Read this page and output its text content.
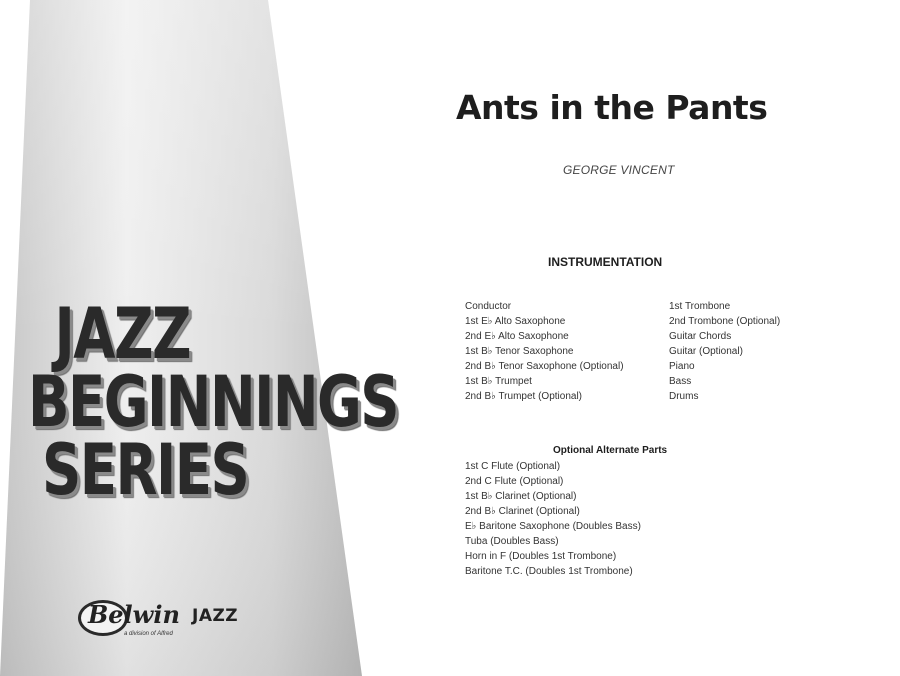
JAZZ
BEGINNINGS
SERIES
Belwin JAZZ
a division of Alfred
Ants in the Pants
GEORGE VINCENT
INSTRUMENTATION
Conductor
1st E♭ Alto Saxophone
2nd E♭ Alto Saxophone
1st B♭ Tenor Saxophone
2nd B♭ Tenor Saxophone (Optional)
1st B♭ Trumpet
2nd B♭ Trumpet (Optional)
1st Trombone
2nd Trombone (Optional)
Guitar Chords
Guitar (Optional)
Piano
Bass
Drums
Optional Alternate Parts
1st C Flute (Optional)
2nd C Flute (Optional)
1st B♭ Clarinet (Optional)
2nd B♭ Clarinet (Optional)
E♭ Baritone Saxophone (Doubles Bass)
Tuba (Doubles Bass)
Horn in F (Doubles 1st Trombone)
Baritone T.C. (Doubles 1st Trombone)
